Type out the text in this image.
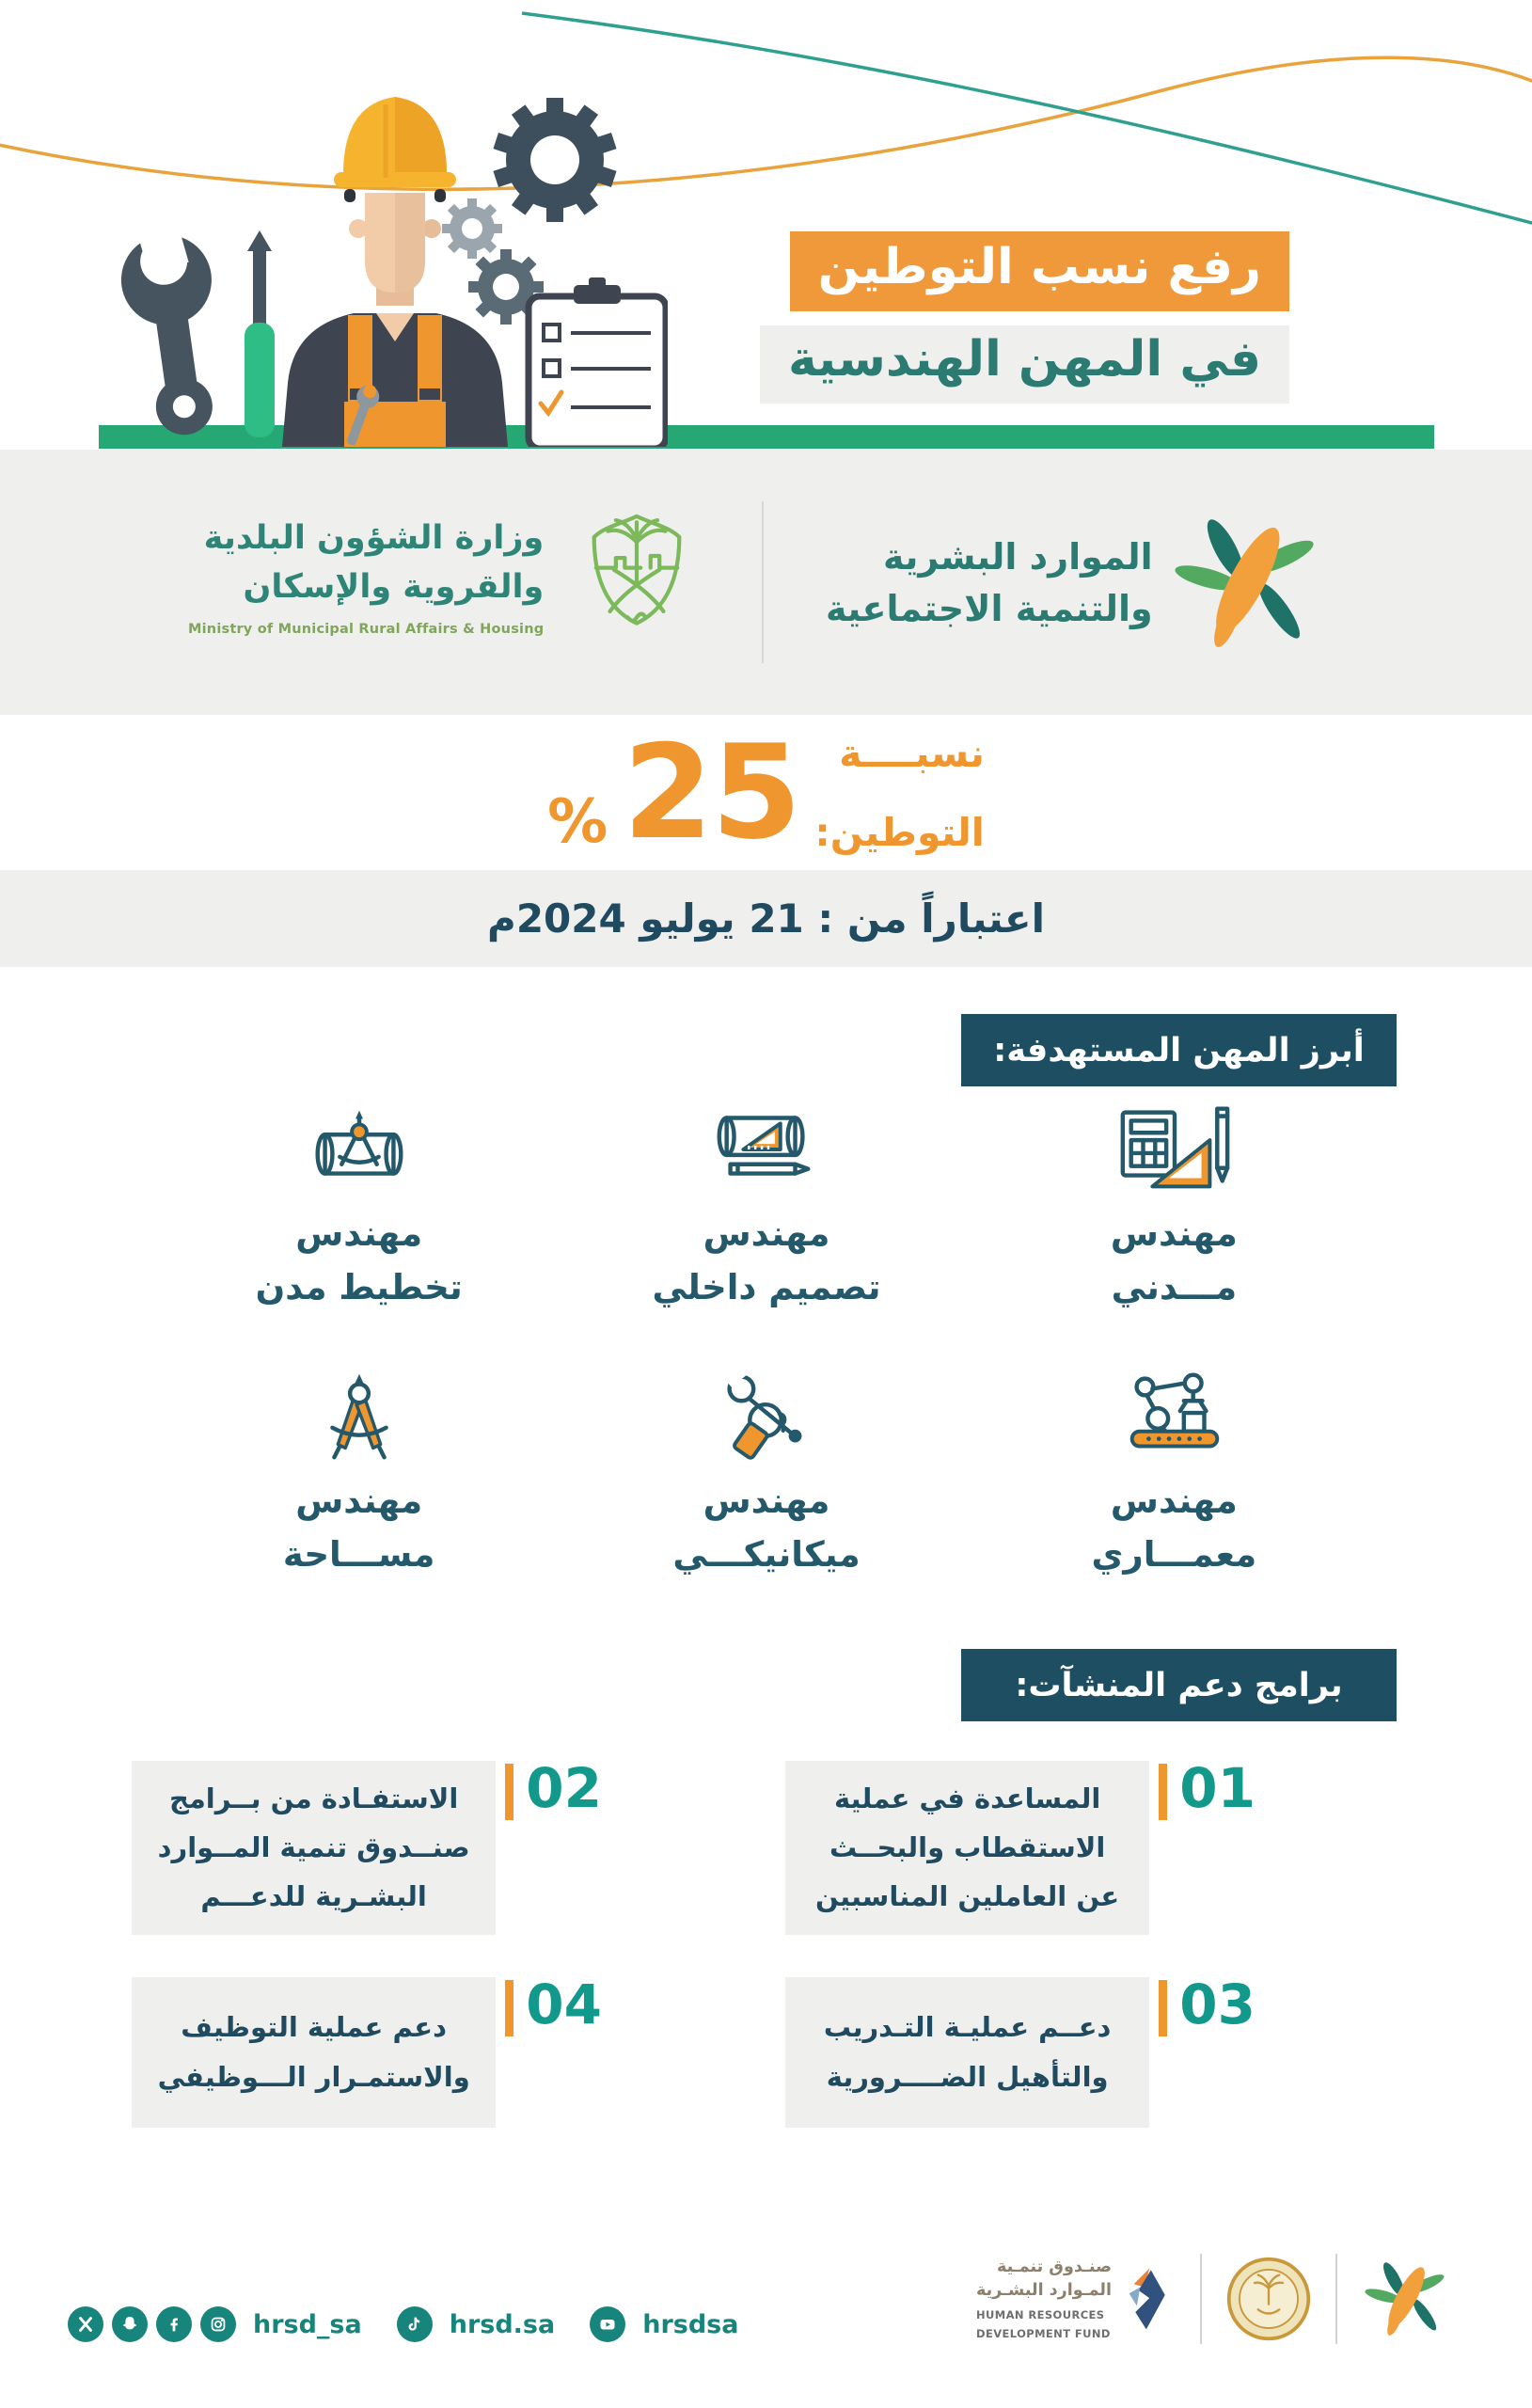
رفع نسب التوطين
في المهن الهندسية
وزارة الشؤون البلدية
والقروية والإسكان
Ministry of Municipal Rural Affairs & Housing
الموارد البشرية
والتنمية الاجتماعية
% 25	نسبــــة
التوطين:
اعتباراً من : 21 يوليو 2024م
أبرز المهن المستهدفة:
مهندس
مـــدني
مهندس
تصميم داخلي
مهندس
تخطيط مدن
مهندس
معمـــاري
مهندس
ميكانيكـــي
مهندس
مســـاحة
برامج دعم المنشآت:
المساعدة في عملية الاستقطاب والبحــث عن العاملين المناسبين
01
الاستفـادة من بــرامج صنــدوق تنمية المــوارد البشـرية للدعـــم
02
دعــم عمليـة التـدريب والتأهيل الضــــرورية
03
دعم عملية التوظيف والاستمـرار الـــوظيفي
04
hrsd_sa	hrsd.sa	hrsdsa
صنـدوق تنمـية
المـوارد البشـرية
HUMAN RESOURCES
DEVELOPMENT FUND
